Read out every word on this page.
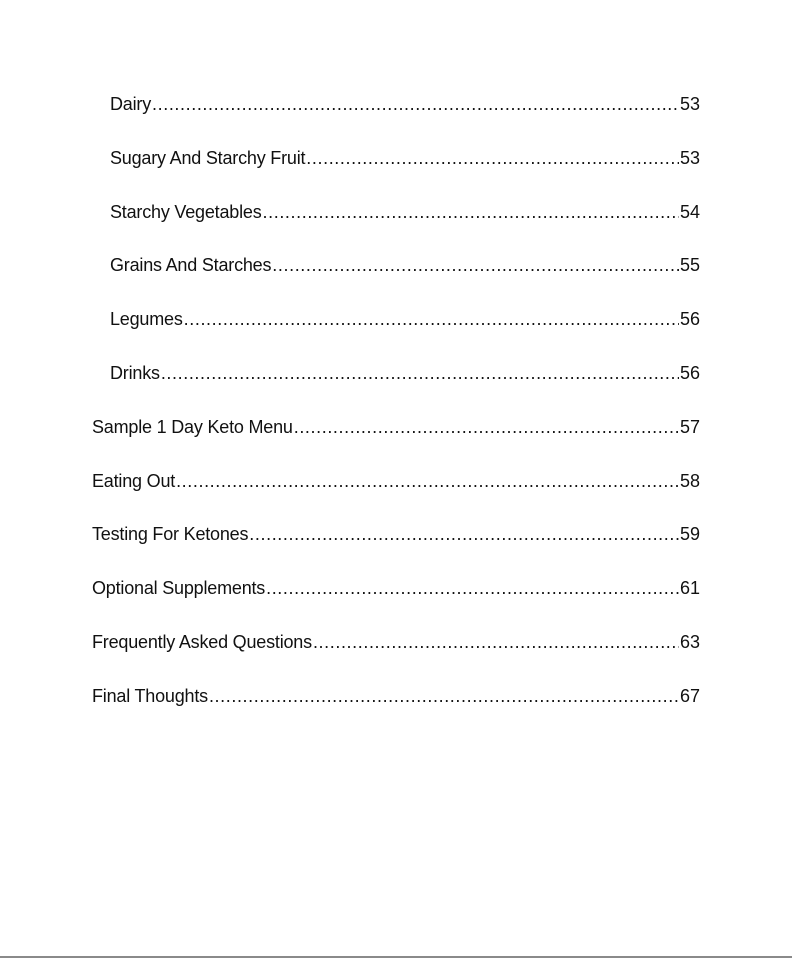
Dairy .....	53
Sugary And Starchy Fruit .....	53
Starchy Vegetables .....	54
Grains And Starches .....	55
Legumes .....	56
Drinks .....	56
Sample 1 Day Keto Menu .....	57
Eating Out .....	58
Testing For Ketones .....	59
Optional Supplements .....	61
Frequently Asked Questions .....	63
Final Thoughts .....	67
